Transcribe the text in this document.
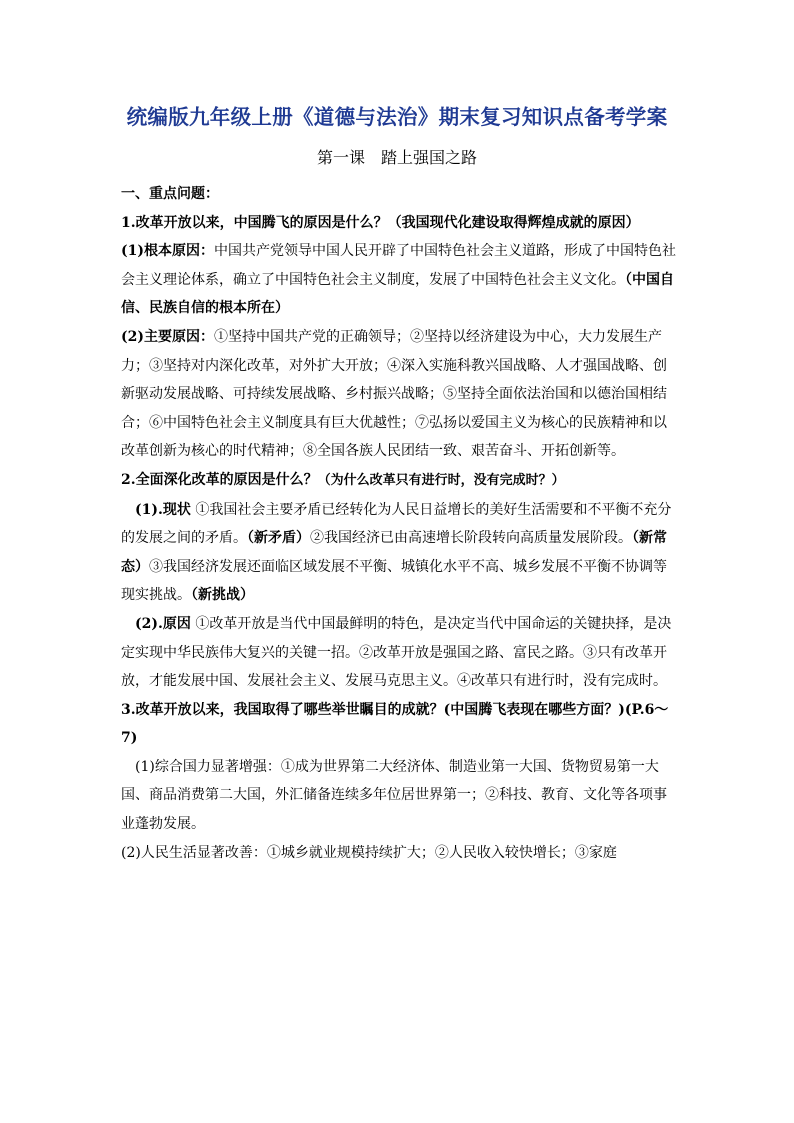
统编版九年级上册《道德与法治》期末复习知识点备考学案
第一课　踏上强国之路

一、重点问题：

1.改革开放以来，中国腾飞的原因是什么？（我国现代化建设取得辉煌成就的原因）

(1)根本原因：中国共产党领导中国人民开辟了中国特色社会主义道路，形成了中国特色社会主义理论体系，确立了中国特色社会主义制度，发展了中国特色社会主义文化。（中国自信、民族自信的根本所在）

(2)主要原因：①坚持中国共产党的正确领导；②坚持以经济建设为中心，大力发展生产力；③坚持对内深化改革，对外扩大开放；④深入实施科教兴国战略、人才强国战略、创新驱动发展战略、可持续发展战略、乡村振兴战略；⑤坚持全面依法治国和以德治国相结合；⑥中国特色社会主义制度具有巨大优越性；⑦弘扬以爱国主义为核心的民族精神和以改革创新为核心的时代精神；⑧全国各族人民团结一致、艰苦奋斗、开拓创新等。

2.全面深化改革的原因是什么？（为什么改革只有进行时，没有完成时？）

(1).现状 ①我国社会主要矛盾已经转化为人民日益增长的美好生活需要和不平衡不充分的发展之间的矛盾。（新矛盾）②我国经济已由高速增长阶段转向高质量发展阶段。（新常态）③我国经济发展还面临区域发展不平衡、城镇化水平不高、城乡发展不平衡不协调等现实挑战。（新挑战）

(2).原因 ①改革开放是当代中国最鲜明的特色，是决定当代中国命运的关键抉择，是决定实现中华民族伟大复兴的关键一招。②改革开放是强国之路、富民之路。③只有改革开放，才能发展中国、发展社会主义、发展马克思主义。④改革只有进行时，没有完成时。

3.改革开放以来，我国取得了哪些举世瞩目的成就？(中国腾飞表现在哪些方面？)(P.6～7)

(1)综合国力显著增强：①成为世界第二大经济体、制造业第一大国、货物贸易第一大国、商品消费第二大国，外汇储备连续多年位居世界第一；②科技、教育、文化等各项事业蓬勃发展。

(2)人民生活显著改善：①城乡就业规模持续扩大；②人民收入较快增长；③家庭
